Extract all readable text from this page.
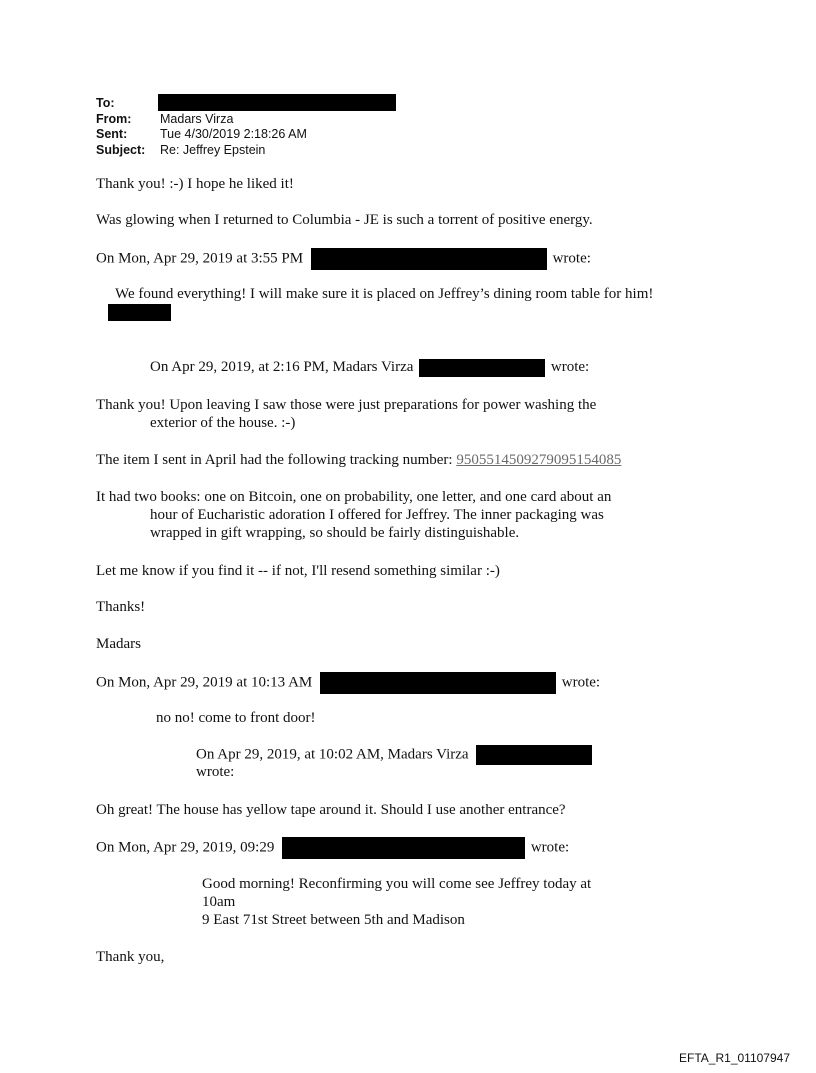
To:
From:	Madars Virza
Sent:	Tue 4/30/2019 2:18:26 AM
Subject:	Re: Jeffrey Epstein
Thank you! :-) I hope he liked it!
Was glowing when I returned to Columbia - JE is such a torrent of positive energy.
On Mon, Apr 29, 2019 at 3:55 PM	wrote:
We found everything! I will make sure it is placed on Jeffrey’s dining room table for him!
On Apr 29, 2019, at 2:16 PM, Madars Virza	wrote:
Thank you! Upon leaving I saw those were just preparations for power washing the
exterior of the house. :-)
The item I sent in April had the following tracking number: 9505514509279095154085
It had two books: one on Bitcoin, one on probability, one letter, and one card about an
hour of Eucharistic adoration I offered for Jeffrey. The inner packaging was
wrapped in gift wrapping, so should be fairly distinguishable.
Let me know if you find it -- if not, I'll resend something similar :-)
Thanks!
Madars
On Mon, Apr 29, 2019 at 10:13 AM	wrote:
no no! come to front door!
On Apr 29, 2019, at 10:02 AM, Madars Virza
wrote:
Oh great! The house has yellow tape around it. Should I use another entrance?
On Mon, Apr 29, 2019, 09:29	wrote:
Good morning! Reconfirming you will come see Jeffrey today at
10am
9 East 71st Street between 5th and Madison
Thank you,
EFTA_R1_01107947
